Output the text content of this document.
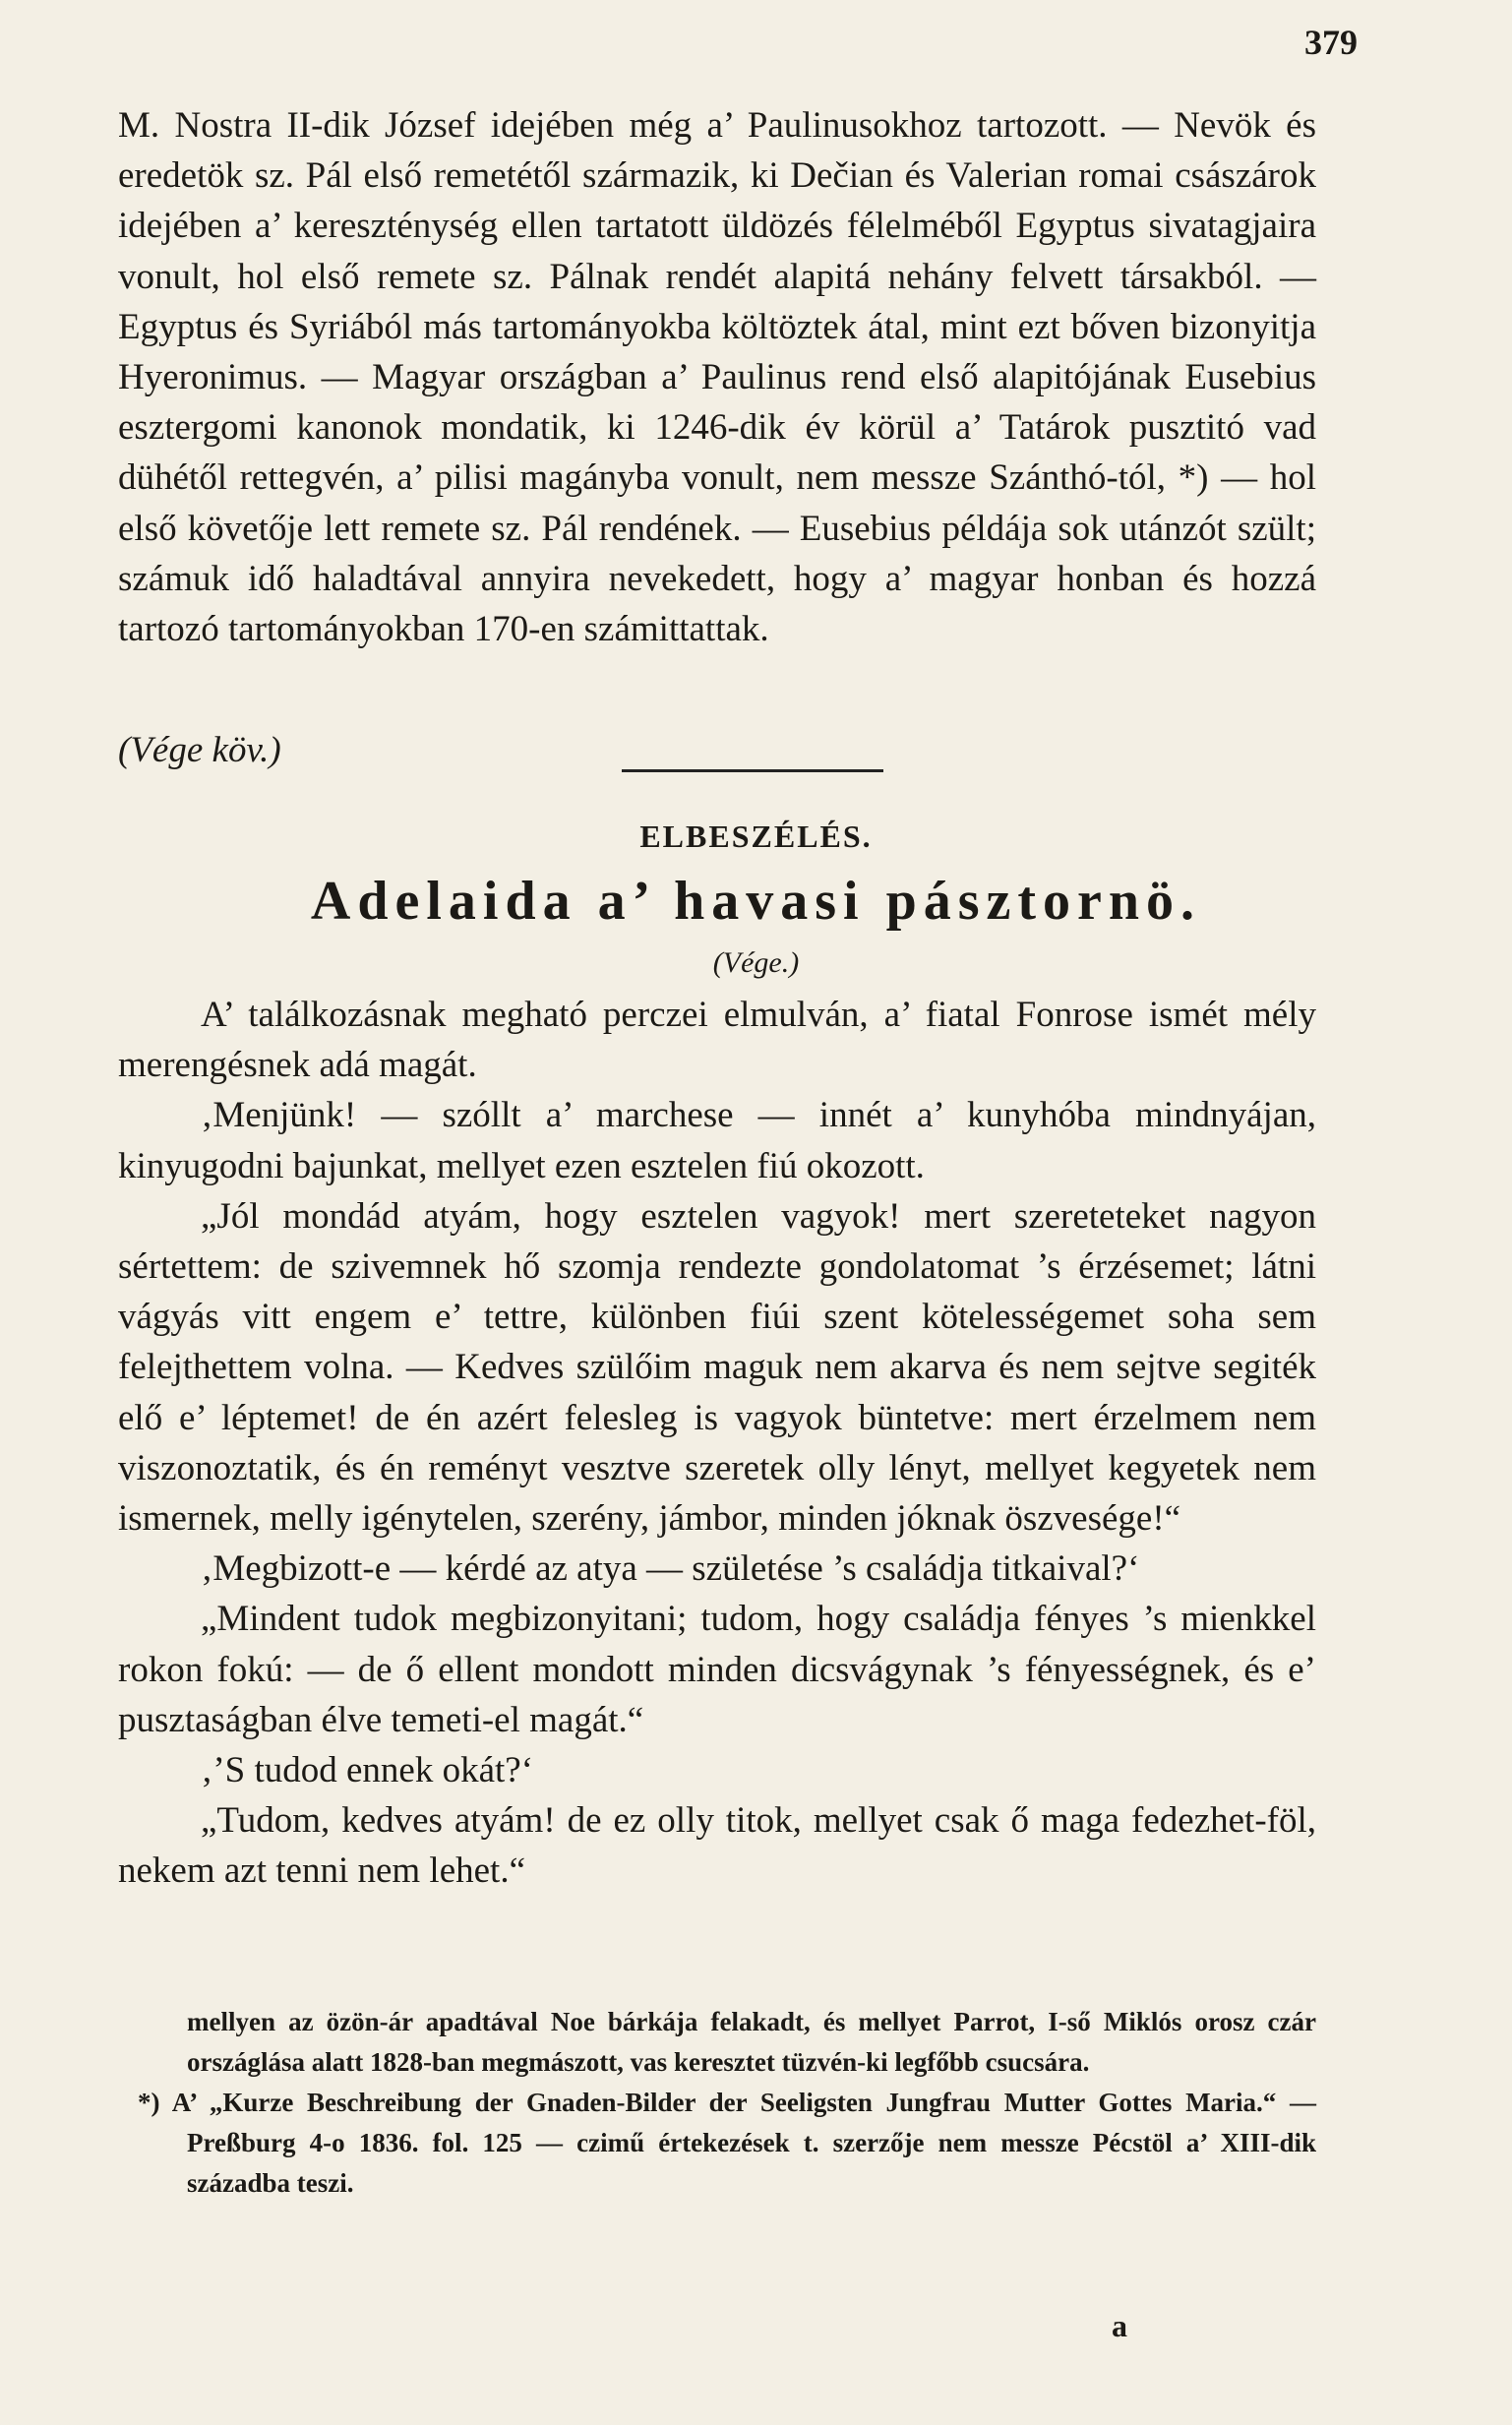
379

M. Nostra II-dik József idejében még a’ Paulinusokhoz tartozott. — Nevök és eredetök sz. Pál első remetétől származik, ki Dečian és Valerian romai császárok idejében a’ kereszténység ellen tartatott üldözés félelméből Egyptus sivatagjaira vonult, hol első remete sz. Pálnak rendét alapitá nehány felvett társakból. — Egyptus és Syriából más tartományokba költöztek átal, mint ezt bőven bizonyitja Hyeronimus. — Magyar országban a’ Paulinus rend első alapitójának Eusebius esztergomi kanonok mondatik, ki 1246-dik év körül a’ Tatárok pusztitó vad dühétől rettegvén, a’ pilisi magányba vonult, nem messze Szánthó-tól, *) — hol első követője lett remete sz. Pál rendének. — Eusebius példája sok utánzót szült; számuk idő haladtával annyira nevekedett, hogy a’ magyar honban és hozzá tartozó tartományokban 170-en számittattak.

(Vége köv.)
ELBESZÉLÉS.
Adelaida a’ havasi pásztornö.
(Vége.)

A’ találkozásnak megható perczei elmulván, a’ fiatal Fonrose ismét mély merengésnek adá magát.

‚Menjünk! — szóllt a’ marchese — innét a’ kunyhóba mindnyájan, kinyugodni bajunkat, mellyet ezen esztelen fiú okozott.

„Jól mondád atyám, hogy esztelen vagyok! mert szereteteket nagyon sértettem: de szivemnek hő szomja rendezte gondolatomat ’s érzésemet; látni vágyás vitt engem e’ tettre, különben fiúi szent kötelességemet soha sem felejthettem volna. — Kedves szülőim maguk nem akarva és nem sejtve segiték elő e’ léptemet! de én azért felesleg is vagyok büntetve: mert érzelmem nem viszonoztatik, és én reményt vesztve szeretek olly lényt, mellyet kegyetek nem ismernek, melly igénytelen, szerény, jámbor, minden jóknak öszvesége!“

‚Megbizott-e — kérdé az atya — születése ’s családja titkaival?‘

„Mindent tudok megbizonyitani; tudom, hogy családja fényes ’s mienkkel rokon fokú: — de ő ellent mondott minden dicsvágynak ’s fényességnek, és e’ pusztaságban élve temeti-el magát.“

‚’S tudod ennek okát?‘

„Tudom, kedves atyám! de ez olly titok, mellyet csak ő maga fedezhet-föl, nekem azt tenni nem lehet.“

mellyen az özön-ár apadtával Noe bárkája felakadt, és mellyet Parrot, I-ső Miklós orosz czár országlása alatt 1828-ban megmászott, vas keresztet tüzvén-ki legfőbb csucsára.

*) A’ „Kurze Beschreibung der Gnaden-Bilder der Seeligsten Jungfrau Mutter Gottes Maria.“ — Preßburg 4-o 1836. fol. 125 — czimű értekezések t. szerzője nem messze Pécstöl a’ XIII-dik századba teszi.

a
